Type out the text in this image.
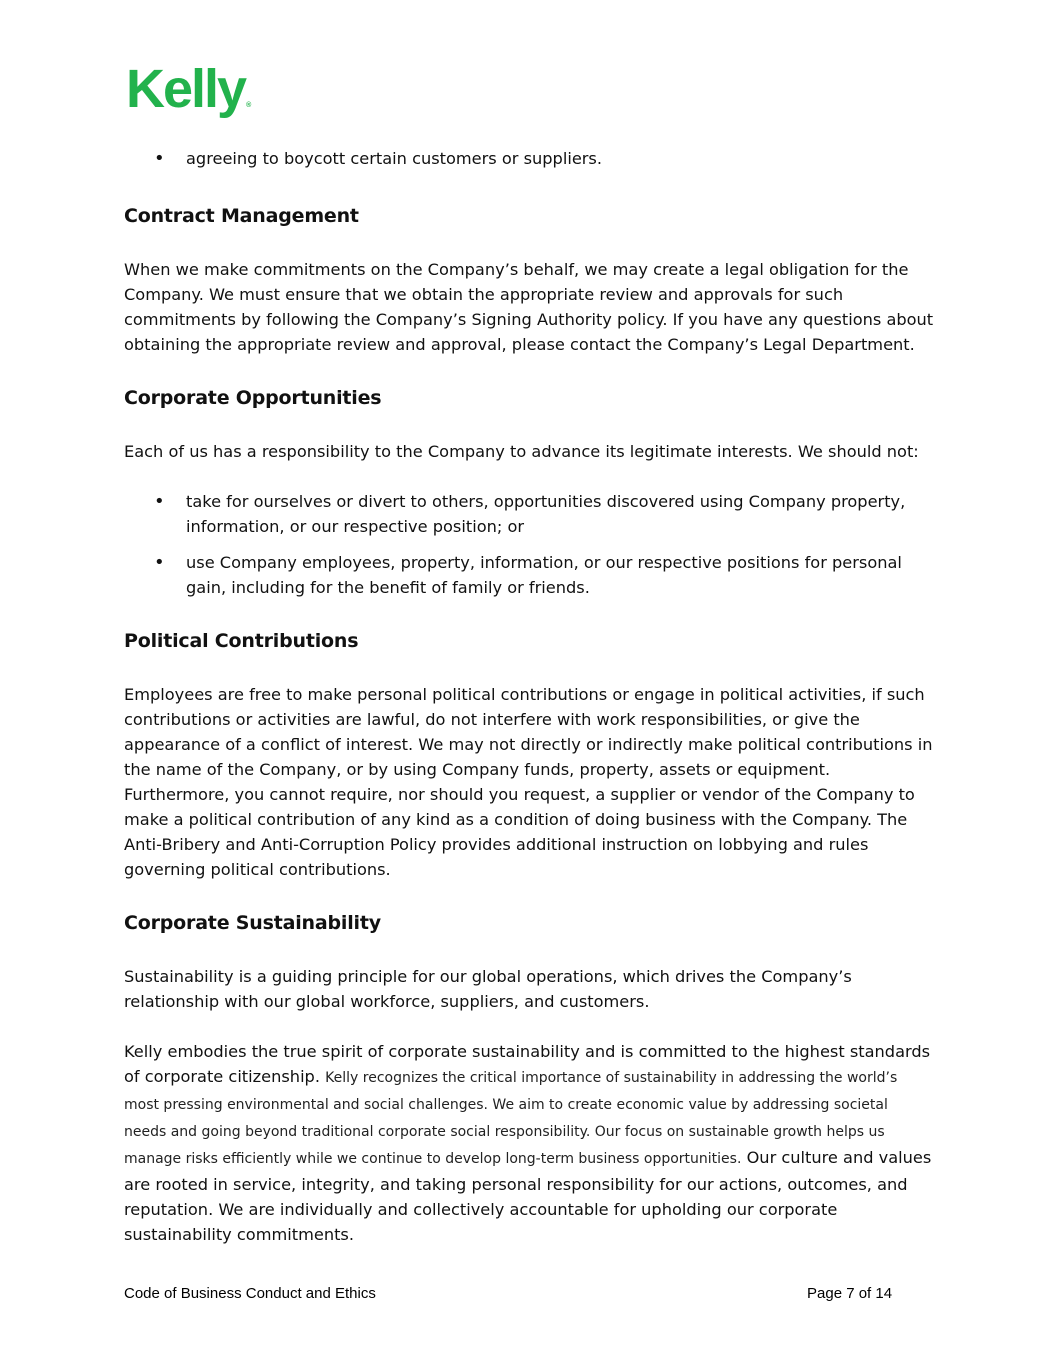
Kelly®
• agreeing to boycott certain customers or suppliers.
Contract Management

When we make commitments on the Company’s behalf, we may create a legal obligation for the Company. We must ensure that we obtain the appropriate review and approvals for such commitments by following the Company’s Signing Authority policy. If you have any questions about obtaining the appropriate review and approval, please contact the Company’s Legal Department.

Corporate Opportunities

Each of us has a responsibility to the Company to advance its legitimate interests. We should not:

• take for ourselves or divert to others, opportunities discovered using Company property, information, or our respective position; or
• use Company employees, property, information, or our respective positions for personal gain, including for the benefit of family or friends.
Political Contributions

Employees are free to make personal political contributions or engage in political activities, if such contributions or activities are lawful, do not interfere with work responsibilities, or give the appearance of a conflict of interest. We may not directly or indirectly make political contributions in the name of the Company, or by using Company funds, property, assets or equipment. Furthermore, you cannot require, nor should you request, a supplier or vendor of the Company to make a political contribution of any kind as a condition of doing business with the Company. The Anti-Bribery and Anti-Corruption Policy provides additional instruction on lobbying and rules governing political contributions.

Corporate Sustainability

Sustainability is a guiding principle for our global operations, which drives the Company’s relationship with our global workforce, suppliers, and customers.

Kelly embodies the true spirit of corporate sustainability and is committed to the highest standards of corporate citizenship. Kelly recognizes the critical importance of sustainability in addressing the world’s most pressing environmental and social challenges. We aim to create economic value by addressing societal needs and going beyond traditional corporate social responsibility. Our focus on sustainable growth helps us manage risks efficiently while we continue to develop long-term business opportunities. Our culture and values are rooted in service, integrity, and taking personal responsibility for our actions, outcomes, and reputation. We are individually and collectively accountable for upholding our corporate sustainability commitments.

Code of Business Conduct and Ethics	Page 7 of 14
